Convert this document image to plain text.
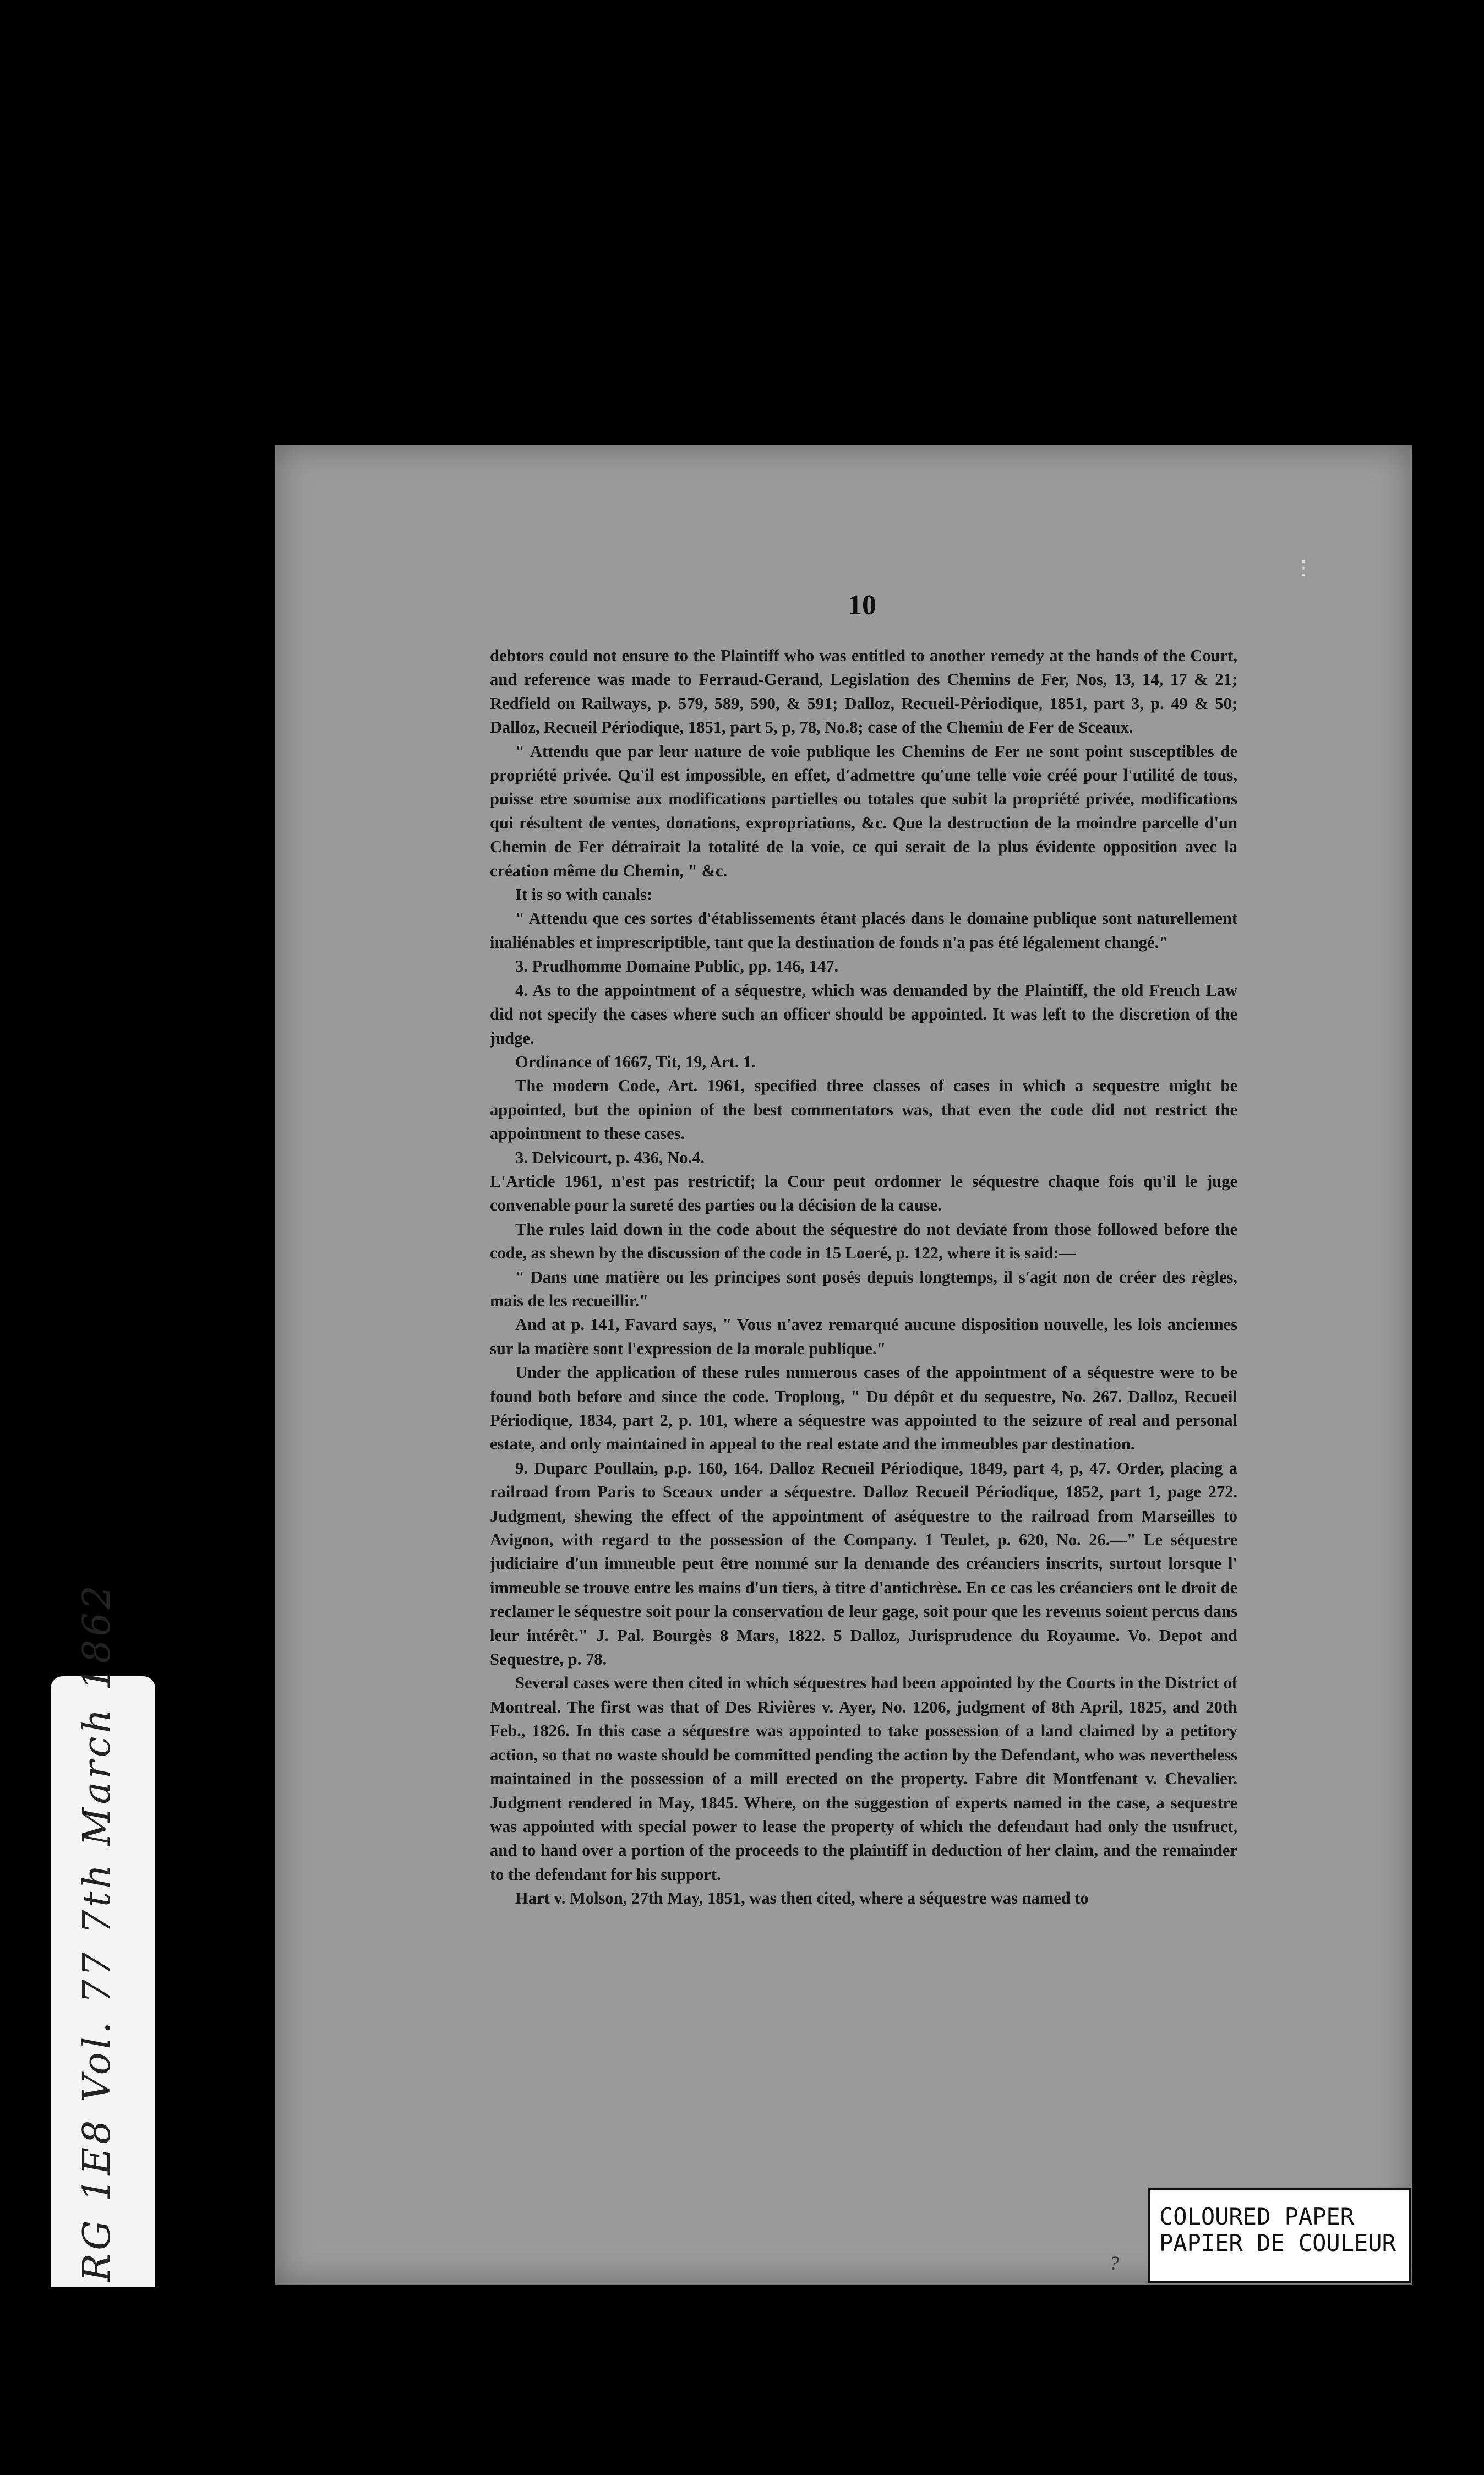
⋮
10

debtors could not ensure to the Plaintiff who was entitled to another remedy at the hands of the Court, and reference was made to Ferraud-Gerand, Legislation des Chemins de Fer, Nos, 13, 14, 17 & 21; Redfield on Railways, p. 579, 589, 590, & 591; Dalloz, Recueil-Périodique, 1851, part 3, p. 49 & 50; Dalloz, Recueil Périodique, 1851, part 5, p, 78, No.8; case of the Chemin de Fer de Sceaux.

" Attendu que par leur nature de voie publique les Chemins de Fer ne sont point susceptibles de propriété privée. Qu'il est impossible, en effet, d'admettre qu'une telle voie créé pour l'utilité de tous, puisse etre soumise aux modifications partielles ou totales que subit la propriété privée, modifications qui résultent de ventes, donations, expropriations, &c. Que la destruction de la moindre parcelle d'un Chemin de Fer détrairait la totalité de la voie, ce qui serait de la plus évidente opposition avec la création même du Chemin, " &c.

It is so with canals:

" Attendu que ces sortes d'établissements étant placés dans le domaine publique sont naturellement inaliénables et imprescriptible, tant que la destination de fonds n'a pas été légalement changé."

3. Prudhomme Domaine Public, pp. 146, 147.

4. As to the appointment of a séquestre, which was demanded by the Plaintiff, the old French Law did not specify the cases where such an officer should be appointed. It was left to the discretion of the judge.

Ordinance of 1667, Tit, 19, Art. 1.

The modern Code, Art. 1961, specified three classes of cases in which a sequestre might be appointed, but the opinion of the best commentators was, that even the code did not restrict the appointment to these cases.

3. Delvicourt, p. 436, No.4.

L'Article 1961, n'est pas restrictif; la Cour peut ordonner le séquestre chaque fois qu'il le juge convenable pour la sureté des parties ou la décision de la cause.

The rules laid down in the code about the séquestre do not deviate from those followed before the code, as shewn by the discussion of the code in 15 Loeré, p. 122, where it is said:—

" Dans une matière ou les principes sont posés depuis longtemps, il s'agit non de créer des règles, mais de les recueillir."

And at p. 141, Favard says, " Vous n'avez remarqué aucune disposition nouvelle, les lois anciennes sur la matière sont l'expression de la morale publique."

Under the application of these rules numerous cases of the appointment of a séquestre were to be found both before and since the code. Troplong, " Du dépôt et du sequestre, No. 267. Dalloz, Recueil Périodique, 1834, part 2, p. 101, where a séquestre was appointed to the seizure of real and personal estate, and only maintained in appeal to the real estate and the immeubles par destination.

9. Duparc Poullain, p.p. 160, 164. Dalloz Recueil Périodique, 1849, part 4, p, 47. Order, placing a railroad from Paris to Sceaux under a séquestre. Dalloz Recueil Périodique, 1852, part 1, page 272. Judgment, shewing the effect of the appointment of aséquestre to the railroad from Marseilles to Avignon, with regard to the possession of the Company. 1 Teulet, p. 620, No. 26.—" Le séquestre judiciaire d'un immeuble peut être nommé sur la demande des créanciers inscrits, surtout lorsque l' immeuble se trouve entre les mains d'un tiers, à titre d'antichrèse. En ce cas les créanciers ont le droit de reclamer le séquestre soit pour la conservation de leur gage, soit pour que les revenus soient percus dans leur intérêt." J. Pal. Bourgès 8 Mars, 1822. 5 Dalloz, Jurisprudence du Royaume. Vo. Depot and Sequestre, p. 78.

Several cases were then cited in which séquestres had been appointed by the Courts in the District of Montreal. The first was that of Des Rivières v. Ayer, No. 1206, judgment of 8th April, 1825, and 20th Feb., 1826. In this case a séquestre was appointed to take possession of a land claimed by a petitory action, so that no waste should be committed pending the action by the Defendant, who was nevertheless maintained in the possession of a mill erected on the property. Fabre dit Montfenant v. Chevalier. Judgment rendered in May, 1845. Where, on the suggestion of experts named in the case, a sequestre was appointed with special power to lease the property of which the defendant had only the usufruct, and to hand over a portion of the proceeds to the plaintiff in deduction of her claim, and the remainder to the defendant for his support.

Hart v. Molson, 27th May, 1851, was then cited, where a séquestre was named to

RG 1E8 Vol. 77 7th March 1862	?
COLOURED PAPER
PAPIER DE COULEUR
